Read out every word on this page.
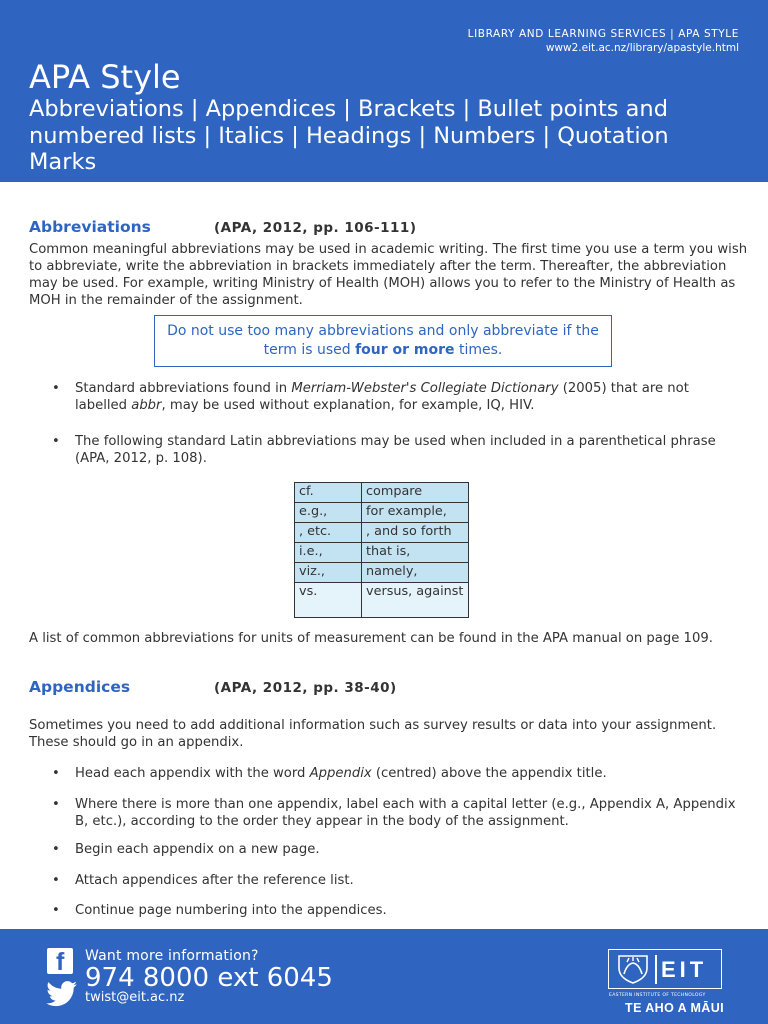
LIBRARY AND LEARNING SERVICES | APA STYLE
www2.eit.ac.nz/library/apastyle.html
APA Style
Abbreviations | Appendices | Brackets | Bullet points and numbered lists | Italics | Headings | Numbers | Quotation Marks
Abbreviations	(APA, 2012, pp. 106-111)
Common meaningful abbreviations may be used in academic writing. The first time you use a term you wish to abbreviate, write the abbreviation in brackets immediately after the term. Thereafter, the abbreviation may be used. For example, writing Ministry of Health (MOH) allows you to refer to the Ministry of Health as MOH in the remainder of the assignment.
Do not use too many abbreviations and only abbreviate if the term is used four or more times.
• Standard abbreviations found in Merriam-Webster's Collegiate Dictionary (2005) that are not labelled abbr, may be used without explanation, for example, IQ, HIV.
• The following standard Latin abbreviations may be used when included in a parenthetical phrase (APA, 2012, p. 108).
cf.	compare
e.g.,	for example,
, etc.	, and so forth
i.e.,	that is,
viz.,	namely,
vs.	versus, against
A list of common abbreviations for units of measurement can be found in the APA manual on page 109.
Appendices	(APA, 2012, pp. 38-40)
Sometimes you need to add additional information such as survey results or data into your assignment. These should go in an appendix.
• Head each appendix with the word Appendix (centred) above the appendix title.
• Where there is more than one appendix, label each with a capital letter (e.g., Appendix A, Appendix B, etc.), according to the order they appear in the body of the assignment.
• Begin each appendix on a new page.
• Attach appendices after the reference list.
• Continue page numbering into the appendices.
f Want more information?
974 8000 ext 6045
twist@eit.ac.nz
EIT
EASTERN INSTITUTE OF TECHNOLOGY
TE AHO A MĀUI
